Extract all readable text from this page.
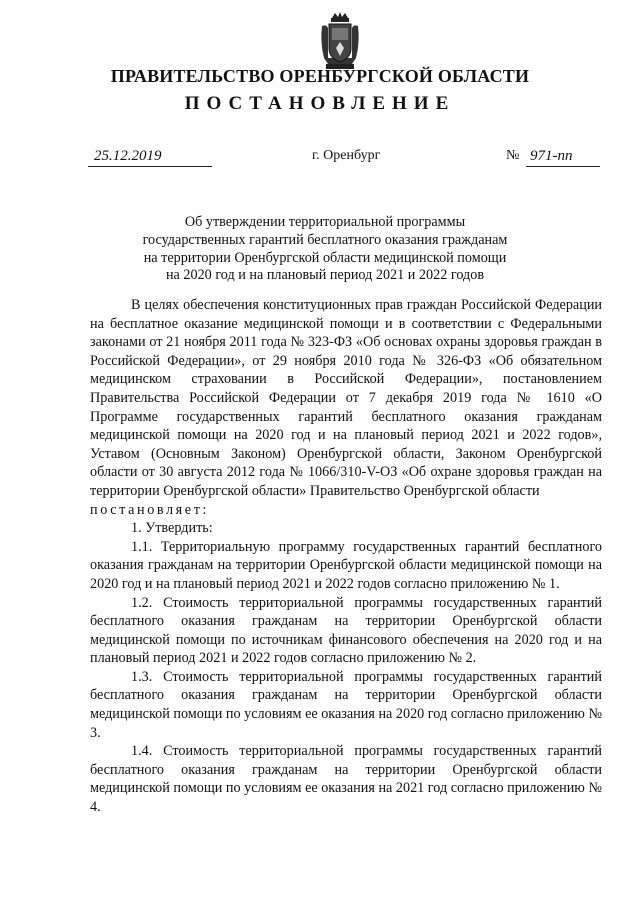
ПРАВИТЕЛЬСТВО ОРЕНБУРГСКОЙ ОБЛАСТИ
ПОСТАНОВЛЕНИЕ
25.12.2019	г. Оренбург	№ 971-пп
Об утверждении территориальной программы
государственных гарантий бесплатного оказания гражданам
на территории Оренбургской области медицинской помощи
на 2020 год и на плановый период 2021 и 2022 годов

В целях обеспечения конституционных прав граждан Российской Федерации на бесплатное оказание медицинской помощи и в соответствии с Федеральными законами от 21 ноября 2011 года № 323-ФЗ «Об основах охраны здоровья граждан в Российской Федерации», от 29 ноября 2010 года № 326-ФЗ «Об обязательном медицинском страховании в Российской Федерации», постановлением Правительства Российской Федерации от 7 декабря 2019 года № 1610 «О Программе государственных гарантий бесплатного оказания гражданам медицинской помощи на 2020 год и на плановый период 2021 и 2022 годов», Уставом (Основным Законом) Оренбургской области, Законом Оренбургской области от 30 августа 2012 года № 1066/310-V-ОЗ «Об охране здоровья граждан на территории Оренбургской области» Правительство Оренбургской области

постановляет:

1. Утвердить:

1.1. Территориальную программу государственных гарантий бесплатного оказания гражданам на территории Оренбургской области медицинской помощи на 2020 год и на плановый период 2021 и 2022 годов согласно приложению № 1.

1.2. Стоимость территориальной программы государственных гарантий бесплатного оказания гражданам на территории Оренбургской области медицинской помощи по источникам финансового обеспечения на 2020 год и на плановый период 2021 и 2022 годов согласно приложению № 2.

1.3. Стоимость территориальной программы государственных гарантий бесплатного оказания гражданам на территории Оренбургской области медицинской помощи по условиям ее оказания на 2020 год согласно приложению № 3.

1.4. Стоимость территориальной программы государственных гарантий бесплатного оказания гражданам на территории Оренбургской области медицинской помощи по условиям ее оказания на 2021 год согласно приложению № 4.
